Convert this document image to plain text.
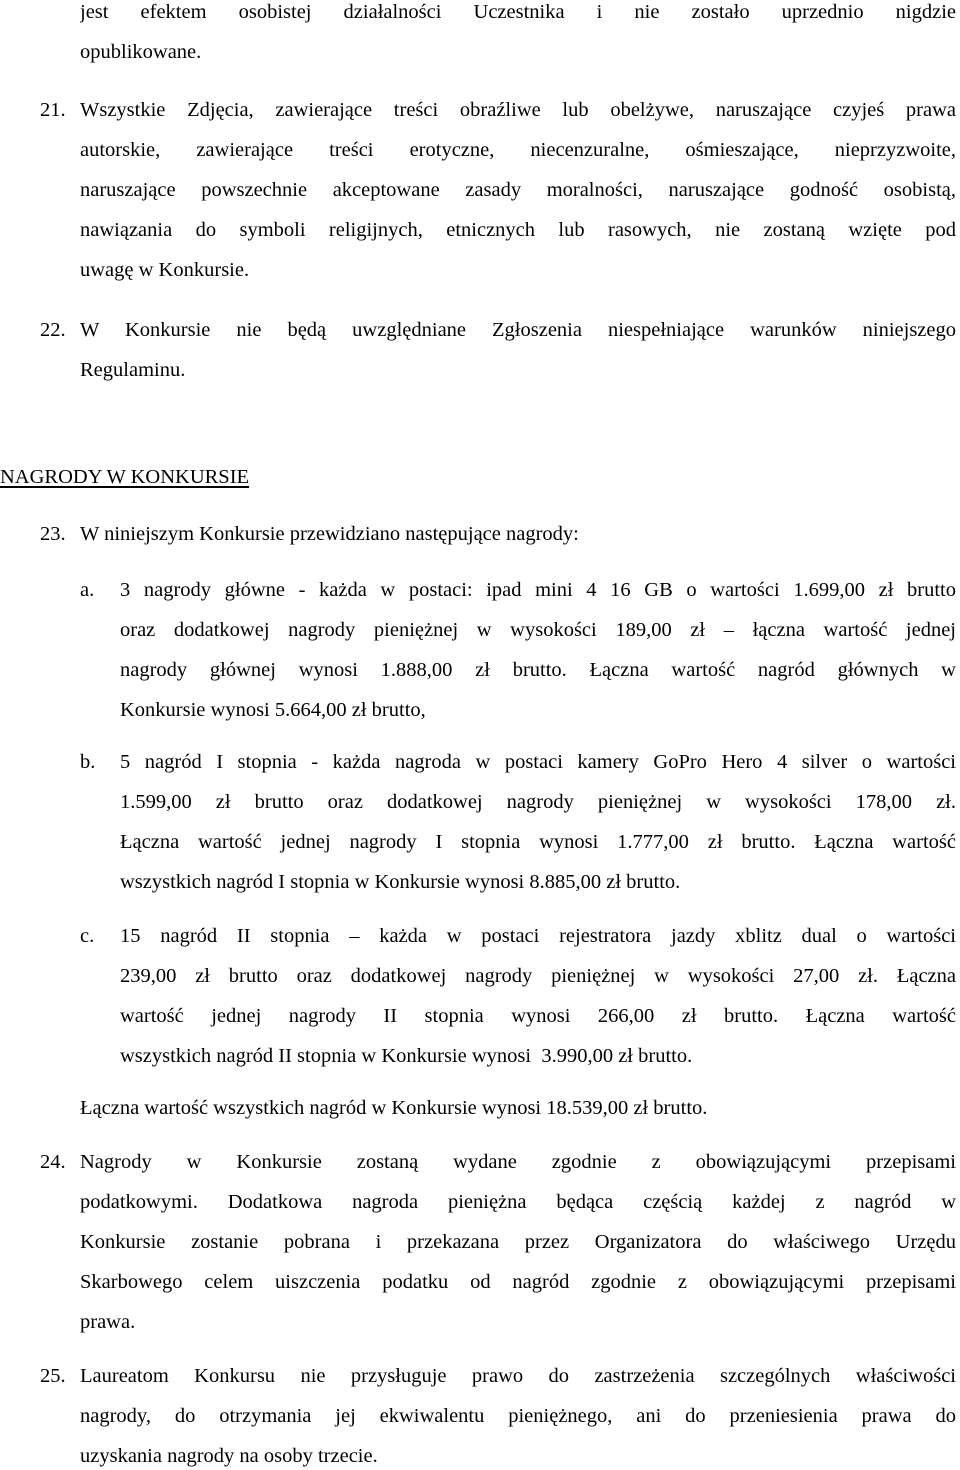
jest efektem osobistej działalności Uczestnika i nie zostało uprzednio nigdzie
opublikowane.
21. Wszystkie Zdjęcia, zawierające treści obraźliwe lub obelżywe, naruszające czyjeś prawa
autorskie, zawierające treści erotyczne, niecenzuralne, ośmieszające, nieprzyzwoite,
naruszające powszechnie akceptowane zasady moralności, naruszające godność osobistą,
nawiązania do symboli religijnych, etnicznych lub rasowych, nie zostaną wzięte pod
uwagę w Konkursie.
22. W Konkursie nie będą uwzględniane Zgłoszenia niespełniające warunków niniejszego
Regulaminu.
NAGRODY W KONKURSIE
23. W niniejszym Konkursie przewidziano następujące nagrody:
a. 3 nagrody główne - każda w postaci: ipad mini 4 16 GB o wartości 1.699,00 zł brutto
oraz dodatkowej nagrody pieniężnej w wysokości 189,00 zł – łączna wartość jednej
nagrody głównej wynosi 1.888,00 zł brutto. Łączna wartość nagród głównych w
Konkursie wynosi 5.664,00 zł brutto,
b. 5 nagród I stopnia - każda nagroda w postaci kamery GoPro Hero 4 silver o wartości
1.599,00 zł brutto oraz dodatkowej nagrody pieniężnej w wysokości 178,00 zł.
Łączna wartość jednej nagrody I stopnia wynosi 1.777,00 zł brutto. Łączna wartość
wszystkich nagród I stopnia w Konkursie wynosi 8.885,00 zł brutto.
c. 15 nagród II stopnia – każda w postaci rejestratora jazdy xblitz dual o wartości
239,00 zł brutto oraz dodatkowej nagrody pieniężnej w wysokości 27,00 zł. Łączna
wartość jednej nagrody II stopnia wynosi 266,00 zł brutto. Łączna wartość
wszystkich nagród II stopnia w Konkursie wynosi  3.990,00 zł brutto.
Łączna wartość wszystkich nagród w Konkursie wynosi 18.539,00 zł brutto.
24. Nagrody w Konkursie zostaną wydane zgodnie z obowiązującymi przepisami
podatkowymi. Dodatkowa nagroda pieniężna będąca częścią każdej z nagród w
Konkursie zostanie pobrana i przekazana przez Organizatora do właściwego Urzędu
Skarbowego celem uiszczenia podatku od nagród zgodnie z obowiązującymi przepisami
prawa.
25. Laureatom Konkursu nie przysługuje prawo do zastrzeżenia szczególnych właściwości
nagrody, do otrzymania jej ekwiwalentu pieniężnego, ani do przeniesienia prawa do
uzyskania nagrody na osoby trzecie.
